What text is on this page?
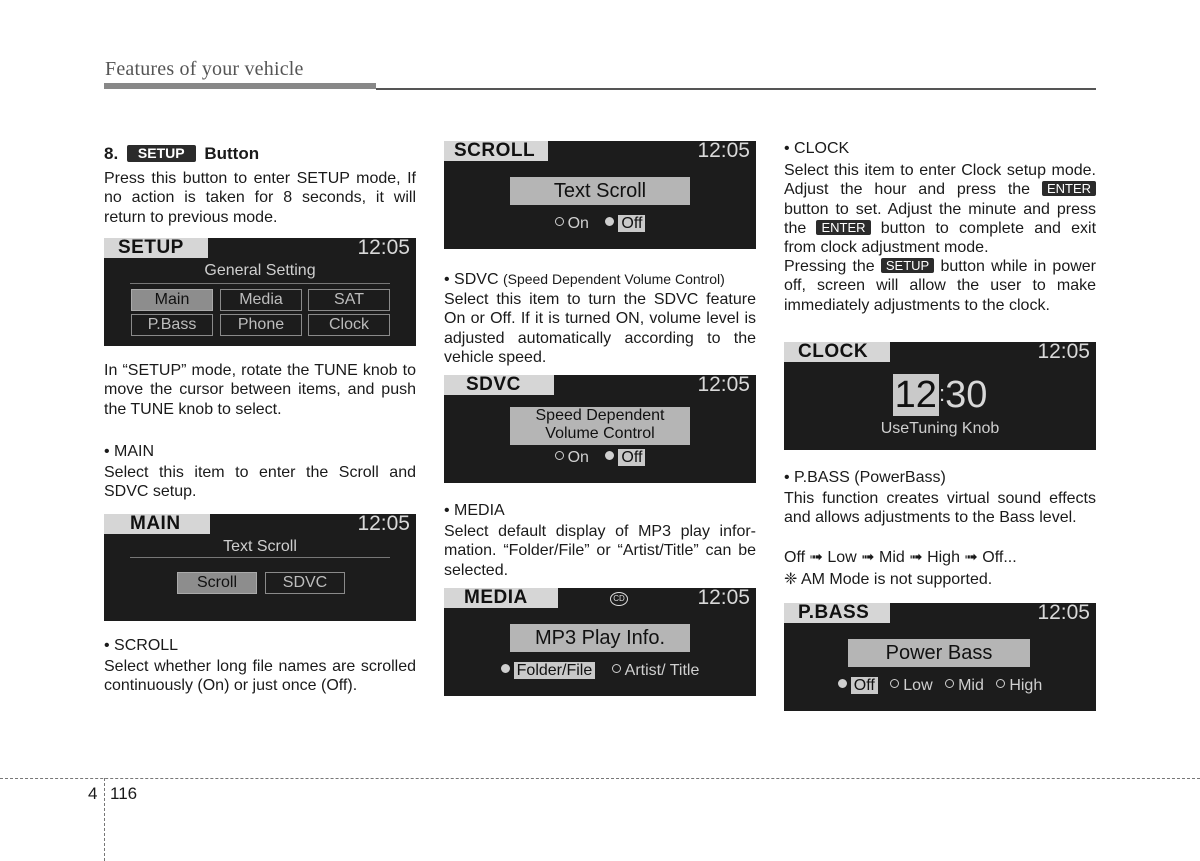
Features of your vehicle
8. SETUP Button
Press this button to enter SETUP mode, If no action is taken for 8 seconds, it will return to previous mode.
SETUP	12:05
General Setting
Main	Media	SAT
P.Bass	Phone	Clock
In “SETUP” mode, rotate the TUNE knob to move the cursor between items, and push the TUNE knob to select.
• MAIN
Select this item to enter the Scroll and SDVC setup.
MAIN	12:05
Text Scroll
Scroll	SDVC
• SCROLL
Select whether long file names are scrolled continuously (On) or just once (Off).
SCROLL	12:05
Text Scroll
On Off
• SDVC (Speed Dependent Volume Control)
Select this item to turn the SDVC feature On or Off. If it is turned ON, volume level is adjusted automatically according to the vehicle speed.
SDVC	12:05
Speed Dependent
Volume Control
On Off
• MEDIA
Select default display of MP3 play infor-mation. “Folder/File” or “Artist/Title” can be selected.
MEDIA	CD	12:05
MP3 Play Info.
Folder/File Artist/ Title
• CLOCK
Select this item to enter Clock setup mode. Adjust the hour and press the ENTER button to set. Adjust the minute and press the ENTER button to complete and exit from clock adjustment mode.
Pressing the SETUP button while in power off, screen will allow the user to make immediately adjustments to the clock.
CLOCK	12:05
12:30
UseTuning Knob
• P.BASS (PowerBass)
This function creates virtual sound effects and allows adjustments to the Bass level.
Off ➟ Low ➟ Mid ➟ High ➟ Off...
❈ AM Mode is not supported.
P.BASS	12:05
Power Bass
Off Low Mid High
4 116
